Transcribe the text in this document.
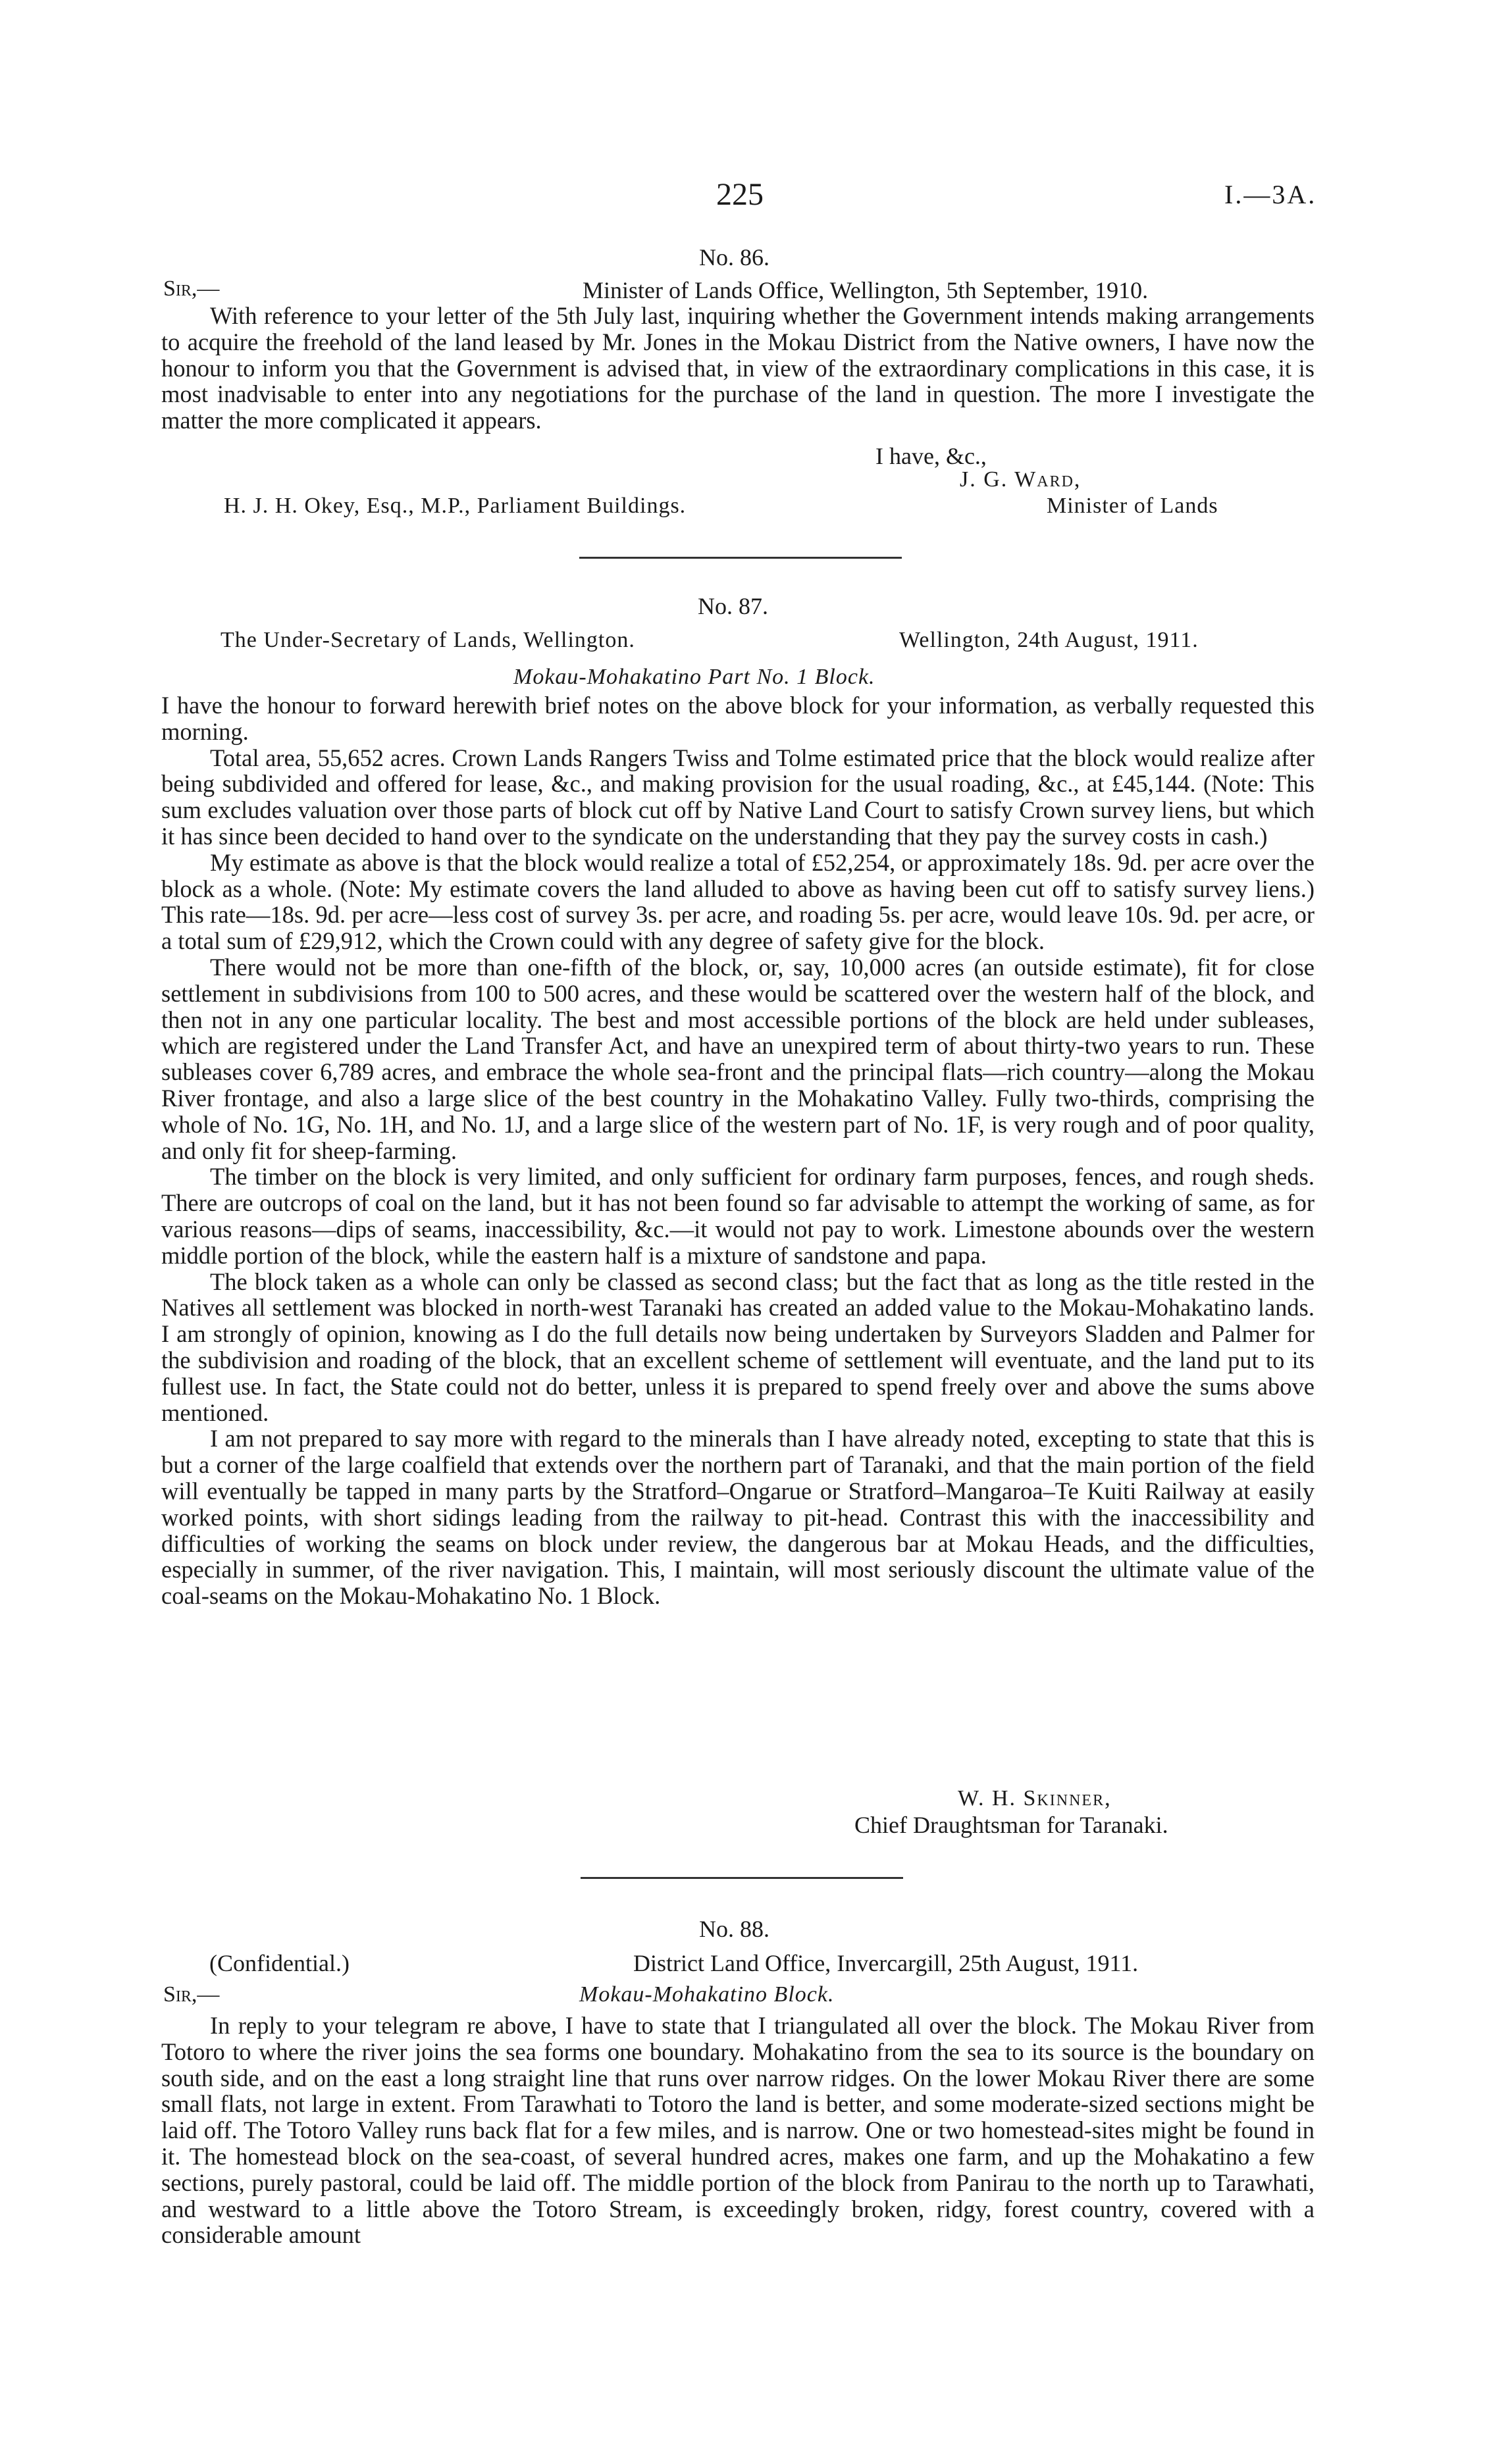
225	I.—3A.
No. 86.
Sir,—	Minister of Lands Office, Wellington, 5th September, 1910.

With reference to your letter of the 5th July last, inquiring whether the Government intends making arrangements to acquire the freehold of the land leased by Mr. Jones in the Mokau District from the Native owners, I have now the honour to inform you that the Government is advised that, in view of the extraordinary complications in this case, it is most inadvisable to enter into any negotiations for the purchase of the land in question. The more I investigate the matter the more complicated it appears.

I have, &c.,
J. G. Ward,
H. J. H. Okey, Esq., M.P., Parliament Buildings.	Minister of Lands
No. 87.
The Under-Secretary of Lands, Wellington.	Wellington, 24th August, 1911.
Mokau-Mohakatino Part No. 1 Block.

I have the honour to forward herewith brief notes on the above block for your information, as verbally requested this morning.

Total area, 55,652 acres. Crown Lands Rangers Twiss and Tolme estimated price that the block would realize after being subdivided and offered for lease, &c., and making provision for the usual roading, &c., at £45,144. (Note: This sum excludes valuation over those parts of block cut off by Native Land Court to satisfy Crown survey liens, but which it has since been decided to hand over to the syndicate on the understanding that they pay the survey costs in cash.)

My estimate as above is that the block would realize a total of £52,254, or approximately 18s. 9d. per acre over the block as a whole. (Note: My estimate covers the land alluded to above as having been cut off to satisfy survey liens.) This rate—18s. 9d. per acre—less cost of survey 3s. per acre, and roading 5s. per acre, would leave 10s. 9d. per acre, or a total sum of £29,912, which the Crown could with any degree of safety give for the block.

There would not be more than one-fifth of the block, or, say, 10,000 acres (an outside estimate), fit for close settlement in subdivisions from 100 to 500 acres, and these would be scattered over the western half of the block, and then not in any one particular locality. The best and most accessible portions of the block are held under subleases, which are registered under the Land Transfer Act, and have an unexpired term of about thirty-two years to run. These subleases cover 6,789 acres, and embrace the whole sea-front and the principal flats—rich country—along the Mokau River frontage, and also a large slice of the best country in the Mohakatino Valley. Fully two-thirds, comprising the whole of No. 1G, No. 1H, and No. 1J, and a large slice of the western part of No. 1F, is very rough and of poor quality, and only fit for sheep-farming.

The timber on the block is very limited, and only sufficient for ordinary farm purposes, fences, and rough sheds. There are outcrops of coal on the land, but it has not been found so far advisable to attempt the working of same, as for various reasons—dips of seams, inaccessibility, &c.—it would not pay to work. Limestone abounds over the western middle portion of the block, while the eastern half is a mixture of sandstone and papa.

The block taken as a whole can only be classed as second class; but the fact that as long as the title rested in the Natives all settlement was blocked in north-west Taranaki has created an added value to the Mokau-Mohakatino lands. I am strongly of opinion, knowing as I do the full details now being undertaken by Surveyors Sladden and Palmer for the subdivision and roading of the block, that an excellent scheme of settlement will eventuate, and the land put to its fullest use. In fact, the State could not do better, unless it is prepared to spend freely over and above the sums above mentioned.

I am not prepared to say more with regard to the minerals than I have already noted, excepting to state that this is but a corner of the large coalfield that extends over the northern part of Taranaki, and that the main portion of the field will eventually be tapped in many parts by the Stratford–Ongarue or Stratford–Mangaroa–Te Kuiti Railway at easily worked points, with short sidings leading from the railway to pit-head. Contrast this with the inaccessibility and difficulties of working the seams on block under review, the dangerous bar at Mokau Heads, and the difficulties, especially in summer, of the river navigation. This, I maintain, will most seriously discount the ultimate value of the coal-seams on the Mokau-Mohakatino No. 1 Block.

W. H. Skinner,
Chief Draughtsman for Taranaki.
No. 88.
(Confidential.)	District Land Office, Invercargill, 25th August, 1911.
Sir,—	Mokau-Mohakatino Block.

In reply to your telegram re above, I have to state that I triangulated all over the block. The Mokau River from Totoro to where the river joins the sea forms one boundary. Mohakatino from the sea to its source is the boundary on south side, and on the east a long straight line that runs over narrow ridges. On the lower Mokau River there are some small flats, not large in extent. From Tarawhati to Totoro the land is better, and some moderate-sized sections might be laid off. The Totoro Valley runs back flat for a few miles, and is narrow. One or two homestead-sites might be found in it. The homestead block on the sea-coast, of several hundred acres, makes one farm, and up the Mohakatino a few sections, purely pastoral, could be laid off. The middle portion of the block from Panirau to the north up to Tarawhati, and westward to a little above the Totoro Stream, is exceedingly broken, ridgy, forest country, covered with a considerable amount
